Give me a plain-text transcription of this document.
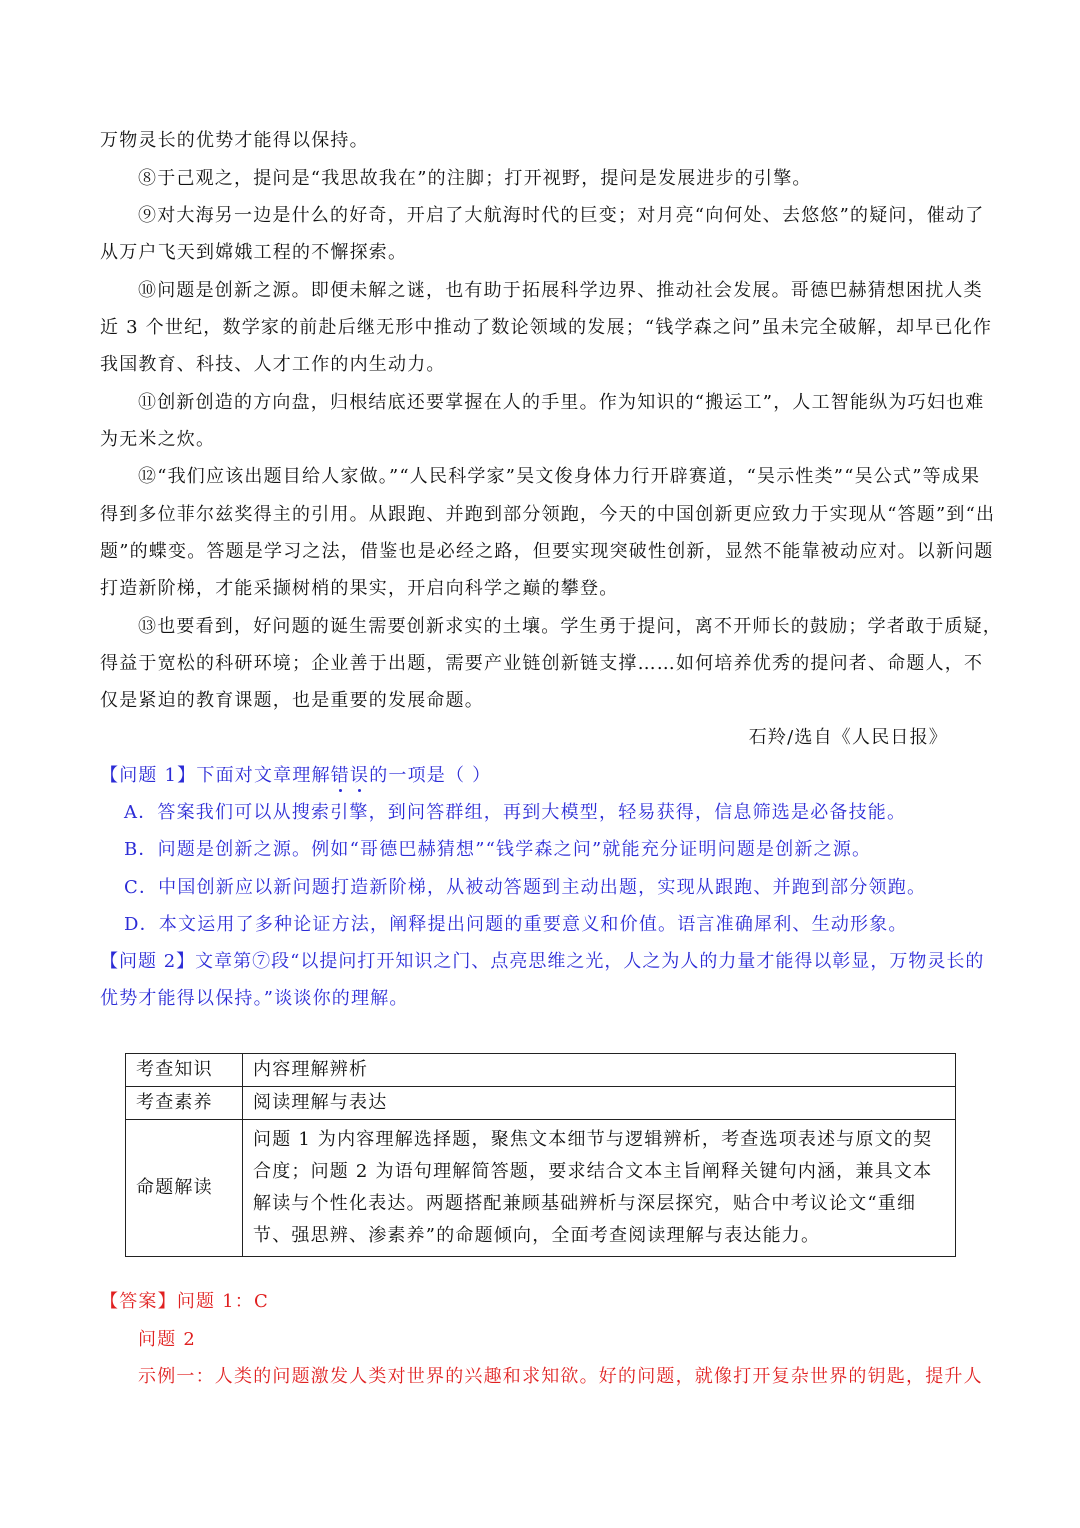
万物灵长的优势才能得以保持。
⑧于己观之，提问是“我思故我在”的注脚；打开视野，提问是发展进步的引擎。
⑨对大海另一边是什么的好奇，开启了大航海时代的巨变；对月亮“向何处、去悠悠”的疑问，催动了
从万户飞天到嫦娥工程的不懈探索。
⑩问题是创新之源。即便未解之谜，也有助于拓展科学边界、推动社会发展。哥德巴赫猜想困扰人类
近 3 个世纪，数学家的前赴后继无形中推动了数论领域的发展；“钱学森之问”虽未完全破解，却早已化作
我国教育、科技、人才工作的内生动力。
⑪创新创造的方向盘，归根结底还要掌握在人的手里。作为知识的“搬运工”，人工智能纵为巧妇也难
为无米之炊。
⑫“我们应该出题目给人家做。”“人民科学家”吴文俊身体力行开辟赛道，“吴示性类”“吴公式”等成果
得到多位菲尔兹奖得主的引用。从跟跑、并跑到部分领跑，今天的中国创新更应致力于实现从“答题”到“出
题”的蝶变。答题是学习之法，借鉴也是必经之路，但要实现突破性创新，显然不能靠被动应对。以新问题
打造新阶梯，才能采撷树梢的果实，开启向科学之巅的攀登。
⑬也要看到，好问题的诞生需要创新求实的土壤。学生勇于提问，离不开师长的鼓励；学者敢于质疑，
得益于宽松的科研环境；企业善于出题，需要产业链创新链支撑……如何培养优秀的提问者、命题人，不
仅是紧迫的教育课题，也是重要的发展命题。
石羚/选自《人民日报》
【问题 1】下面对文章理解错误的一项是（ ）
A．答案我们可以从搜索引擎，到问答群组，再到大模型，轻易获得，信息筛选是必备技能。
B．问题是创新之源。例如“哥德巴赫猜想”“钱学森之问”就能充分证明问题是创新之源。
C．中国创新应以新问题打造新阶梯，从被动答题到主动出题，实现从跟跑、并跑到部分领跑。
D．本文运用了多种论证方法，阐释提出问题的重要意义和价值。语言准确犀利、生动形象。
【问题 2】文章第⑦段“以提问打开知识之门、点亮思维之光，人之为人的力量才能得以彰显，万物灵长的
优势才能得以保持。”谈谈你的理解。
考查知识	内容理解辨析
考查素养	阅读理解与表达
命题解读	问题 1 为内容理解选择题，聚焦文本细节与逻辑辨析，考查选项表述与原文的契
合度；问题 2 为语句理解简答题，要求结合文本主旨阐释关键句内涵，兼具文本
解读与个性化表达。两题搭配兼顾基础辨析与深层探究，贴合中考议论文“重细
节、强思辨、渗素养”的命题倾向，全面考查阅读理解与表达能力。
【答案】问题 1：C
问题 2
示例一：人类的问题激发人类对世界的兴趣和求知欲。好的问题，就像打开复杂世界的钥匙，提升人
